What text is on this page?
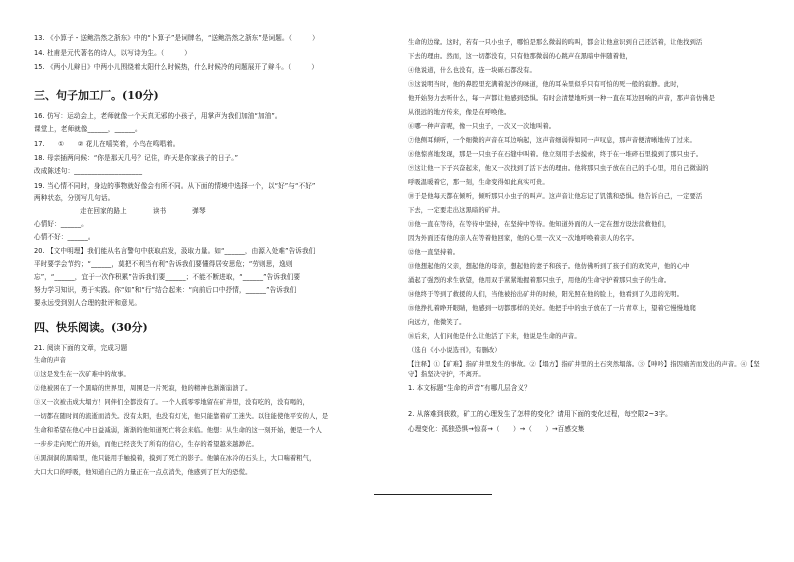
13. 《小算子・送鲍浩然之浙东》中的“卜算子”是词牌名，“送鲍浩然之浙东”是词题。（　　　）

14. 杜甫是元代著名的诗人，以写诗为生。（　　　）

15. 《两小儿辩日》中两小儿围绕着太阳什么时候热，什么时候冷的问题展开了辩斗。（　　　）

三、句子加工厂。(10分)

16. 仿写：运动会上，老师就像一个天真无邪的小孩子，用掌声为我们加油“加油”。

课堂上，老师就像______，______。

17.　　①　　② 花儿在嘻笑着，小鸟在鸣唱着。

18. 母亲插两问候：“你是那天几号？记住，昨天是你家孩子的日子。”

改成陈述句：____________________

19. 当心情不同时，身边的事物就好像会有所不同。从下面的情境中选择一个，以“好”与“不好”

两种状态，分别写几句话。

走在回家的路上	读书	弹琴

心情好：______。

心情不好：______。

20. 【文中明理】我们能从名言警句中获取启发，汲取力量。如“______，由源入处难”告诉我们

平时要学会节约；“______，莫把不利当有利”告诉我们要懂得居安思危；“劳则思，逸则

忘”，“______，宜于一次作积累”告诉我们要______；不能不断进取，“______”告诉我们要

努力学习知识，勇于实践。你“如”和“行”结合起来：“向前后口中抒情，______”告诉我们

要永远受到别人合理的批评和意见。

四、快乐阅读。(30分)

21. 阅读下面的文章，完成习题

生命的声音

①这是发生在一次矿难中的故事。

②他被困在了一个黑暗的世界里，周围是一片死寂，他的精神也渐渐崩溃了。

③又一次被击成大塌方！同伴们全都没有了。一个人孤零零地留在矿井里，没有吃的，没有喝的，

一切都在随时间的流逝而消失。没有太阳，也没有灯光，他只能靠着矿工迷失。以往能使他平安的人，是

生命和希望在他心中日益减弱，渐渐的他知道死亡将会来临。他想：从生命的这一刻开始，便是一个人

一步步走向死亡的开始，而他已经丧失了所有的信心，生存的希望越来越渺茫。

④黑洞洞的黑暗里，他只能用手触摸着，摸到了死亡的影子。他躺在冰冷的石头上，大口喘着粗气，

大口大口的呼吸，他知道自己的力量正在一点点消失，他感到了巨大的恐慌。

生命的边缘。这时，若有一只小虫子，哪怕是那么微弱的呜叫，都会让他意识到自己还活着，让他找到活

下去的理由。然而，这一切都没有，只有他那微弱的心跳声在黑暗中伴随着他，

④他说道，什么也没有，连一块砾石都没有。

⑤这说明当时，他的鼻腔里充满着泥沙的味道，他的耳朵里似乎只有可怕的死一般的寂静。此时，

他开始努力去听什么，每一声都让他感到恐惧。有时会清楚地听到一种一直在耳边回响的声音，那声音仿佛是

从很远的地方传来，像是在呼唤他。

⑥哪一种声音呢，像一只虫子，一次又一次地叫着。

⑦他侧耳倾听，一个细微的声音在耳边响起，这声音细弱得如同一声叹息，那声音便清晰地传了过来。

⑧他惊喜地发现，那是一只虫子在石缝中叫着。他立刻用手去摸索，终于在一堆碎石里摸到了那只虫子。

⑨这让他一下子兴奋起来，他又一次找到了活下去的理由。他将那只虫子放在自己的手心里，用自己微弱的

呼吸温暖着它，那一刻，生命变得如此真实可贵。

⑩于是他每天都在倾听，倾听那只小虫子的叫声。这声音让他忘记了饥饿和恐惧。他告诉自己，一定要活

下去，一定要走出这黑暗的矿井。

⑪他一直在等待，在等待中坚持，在坚持中等待。他知道外面的人一定在想方设法营救他们，

因为外面还有他的亲人在等着他回家，他的心里一次又一次地呼唤着亲人的名字。

⑫他一直坚持着。

⑬他想起他的父亲，想起他的母亲，想起他的妻子和孩子。他仿佛听到了孩子们的欢笑声，他的心中

涌起了强烈的求生欲望，他用双手紧紧地握着那只虫子，用他的生命守护着那只虫子的生命。

⑭他终于等到了救援的人们，当他被抬出矿井的时候，阳光照在他的脸上，他看到了久违的光明。

⑮他挣扎着睁开眼睛，他感到一切都那样的美好。他把手中的虫子放在了一片青草上，望着它慢慢地爬

向远方，他微笑了。

⑯后来，人们问他是什么让他活了下来，他说是生命的声音。

（选自《小小说选刊》，有删改）

【注释】①【矿难】指矿井里发生的事故。②【塌方】指矿井里的土石突然塌落。③【呻吟】指因痛苦而发出的声音。④【坚守】指坚决守护，不离开。

1. 本文标题“生命的声音”有哪几层含义？

2. 从落难到获救，矿工的心理发生了怎样的变化？请用下面的变化过程，每空限2~3字。

心理变化：孤独恐惧→惊喜→（　　）→（　　）→百感交集
